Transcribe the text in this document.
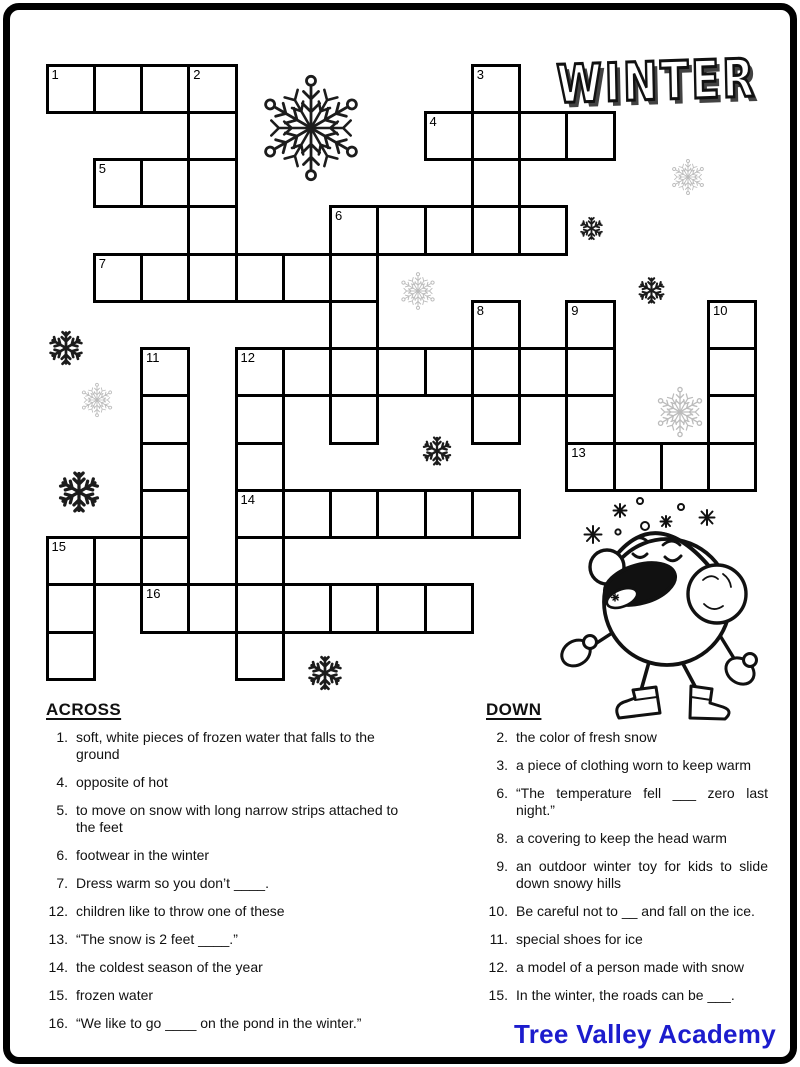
1	2	3
4
5
6
7
8	9
13
10
11
16
12
14
15
WINTER
ACROSS
1. soft, white pieces of frozen water that falls to the ground
4. opposite of hot
5. to move on snow with long narrow strips attached to the feet
6. footwear in the winter
7. Dress warm so you don’t ____.
12. children like to throw one of these
13. “The snow is 2 feet ____.”
14. the coldest season of the year
15. frozen water
16. “We like to go ____ on the pond in the winter.”
DOWN
2. the color of fresh snow
3. a piece of clothing worn to keep warm
6. “The temperature fell ___ zero last night.”
8. a covering to keep the head warm
9. an outdoor winter toy for kids to slide down snowy hills
10. Be careful not to __ and fall on the ice.
11. special shoes for ice
12. a model of a person made with snow
15. In the winter, the roads can be ___.

Tree Valley Academy
